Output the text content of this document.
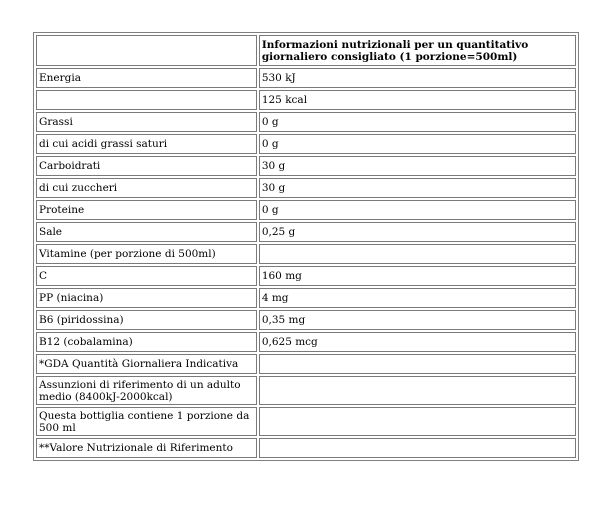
	Informazioni nutrizionali per un quantitativo giornaliero consigliato (1 porzione=500ml)
Energia	530 kJ
	125 kcal
Grassi	0 g
di cui acidi grassi saturi	0 g
Carboidrati	30 g
di cui zuccheri	30 g
Proteine	0 g
Sale	0,25 g
Vitamine (per porzione di 500ml)	
C	160 mg
PP (niacina)	4 mg
B6 (piridossina)	0,35 mg
B12 (cobalamina)	0,625 mcg
*GDA Quantità Giornaliera Indicativa	
Assunzioni di riferimento di un adulto medio (8400kJ-2000kcal)	
Questa bottiglia contiene 1 porzione da 500 ml	
**Valore Nutrizionale di Riferimento	
